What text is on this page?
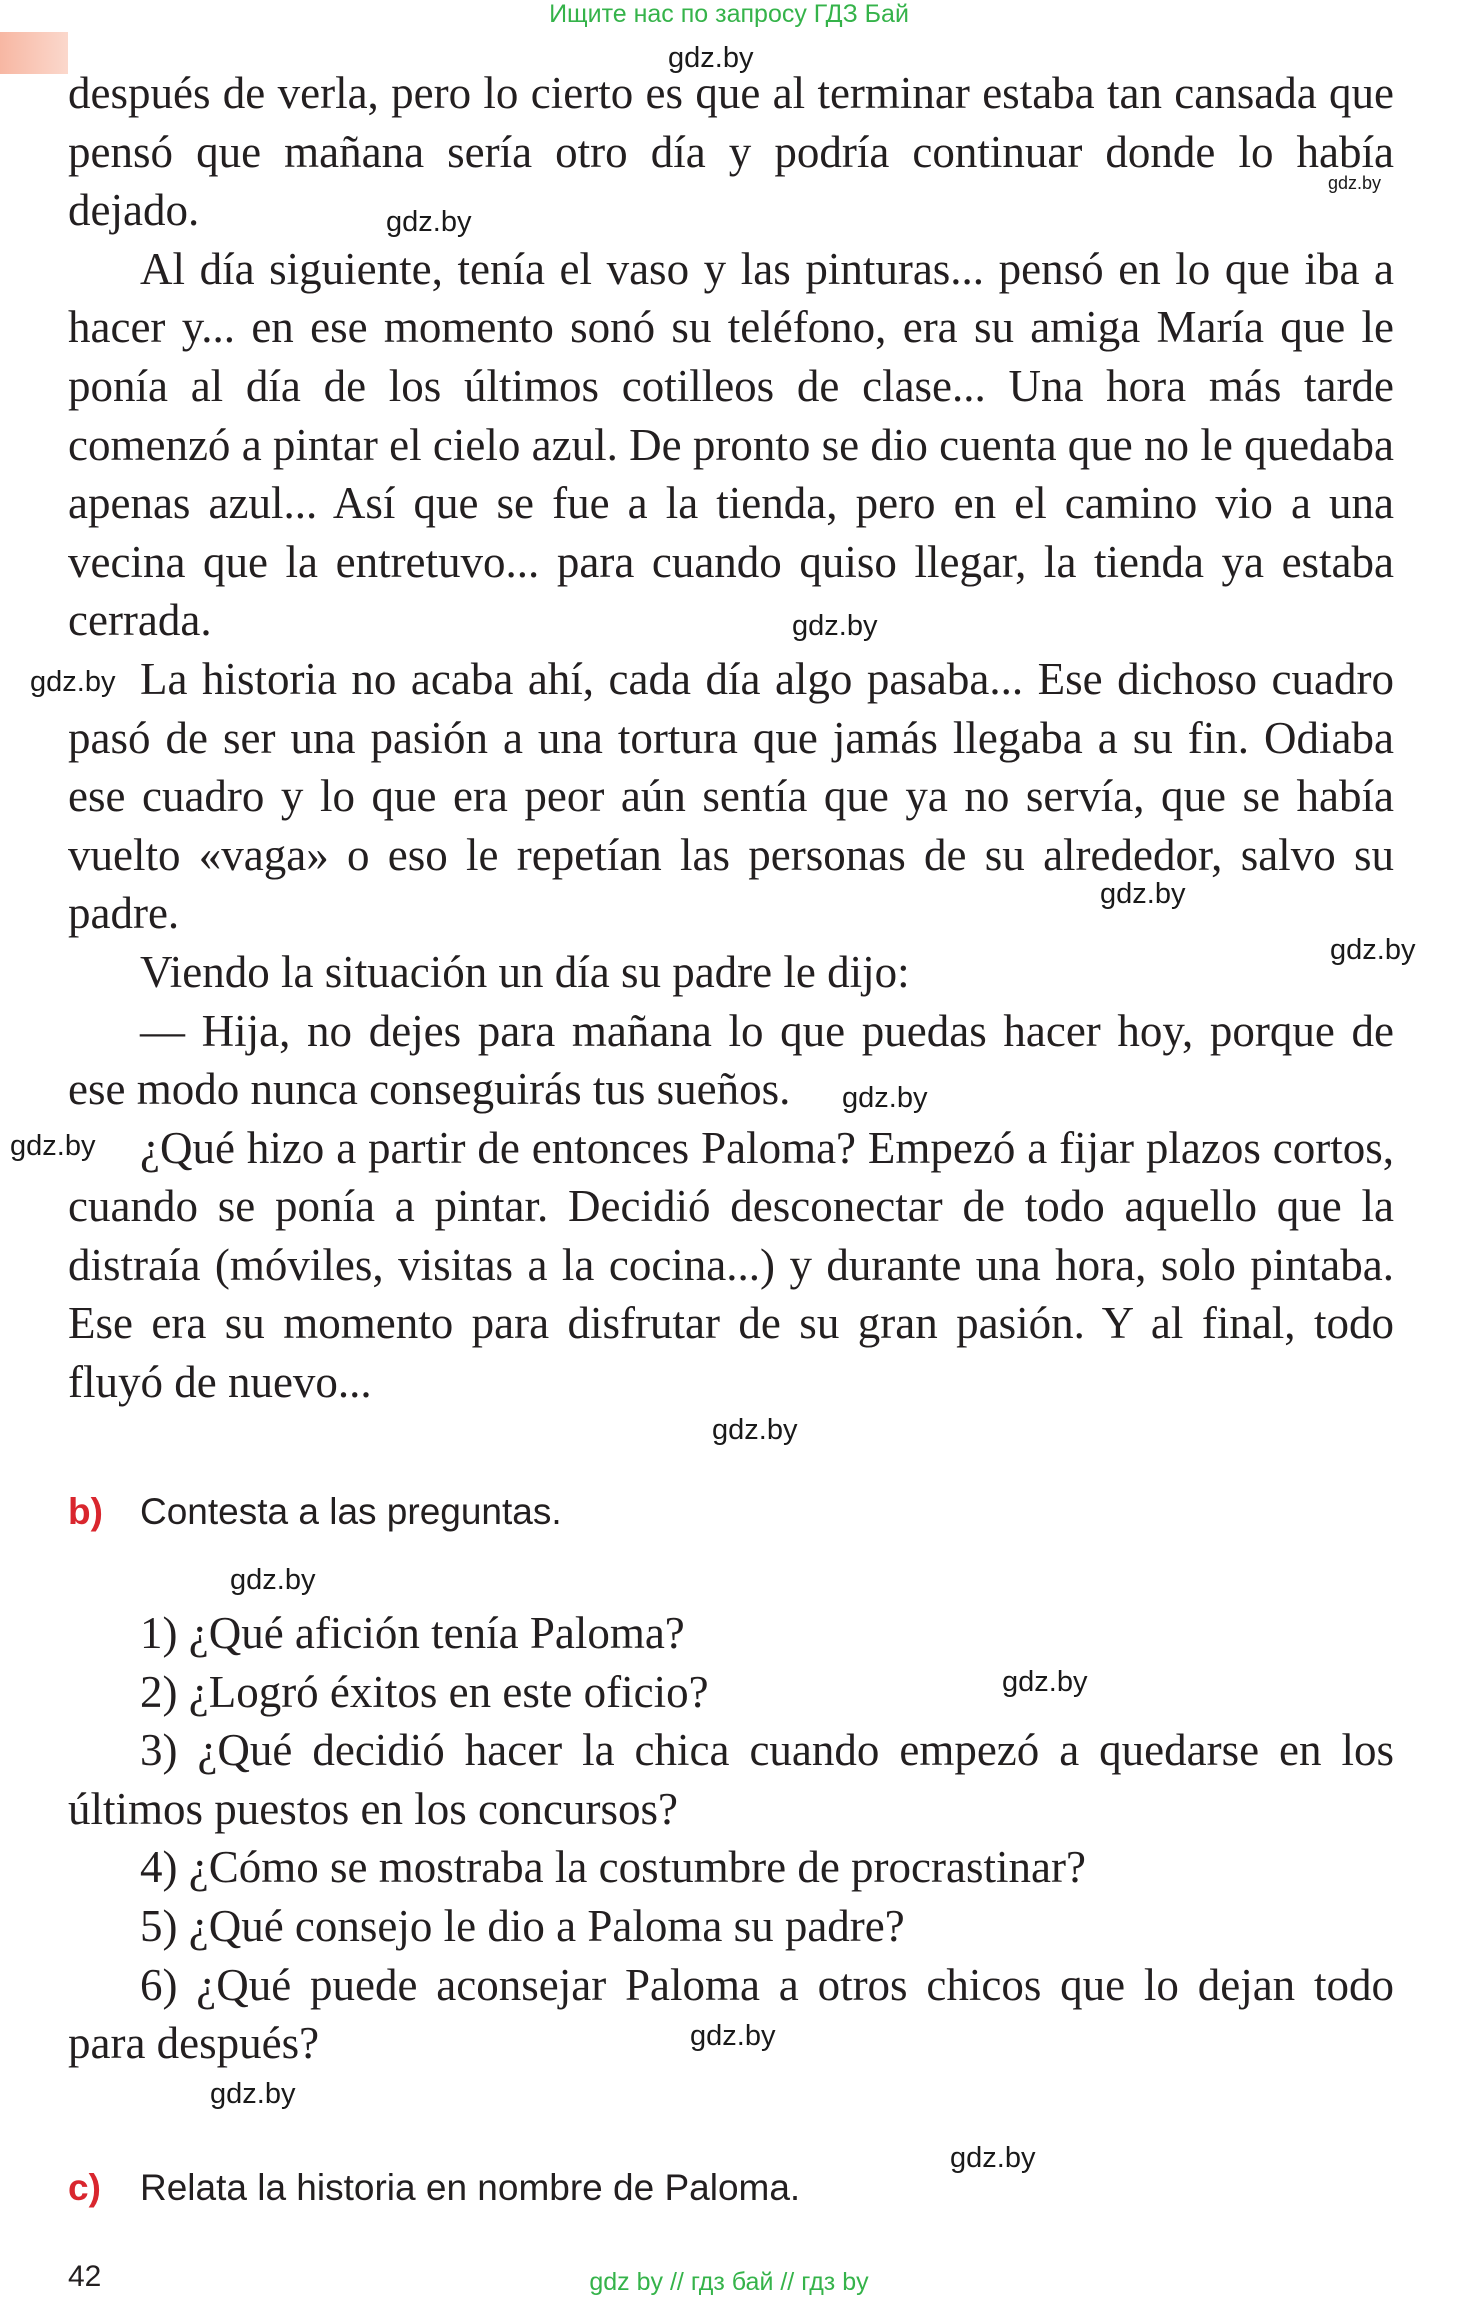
Ищите нас по запросу ГДЗ Бай
gdz.by
gdz.by
gdz.by
gdz.by
gdz.by
gdz.by
gdz.by
gdz.by
gdz.by
gdz.by
gdz.by
gdz.by
gdz.by
gdz.by
gdz.by

después de verla, pero lo cierto es que al terminar estaba tan cansada que pensó que mañana sería otro día y podría continuar donde lo había dejado.

Al día siguiente, tenía el vaso y las pinturas... pensó en lo que iba a hacer y... en ese momento sonó su teléfono, era su amiga María que le ponía al día de los últimos cotilleos de clase... Una hora más tarde comenzó a pintar el cielo azul. De pronto se dio cuenta que no le quedaba apenas azul... Así que se fue a la tienda, pero en el camino vio a una vecina que la entretuvo... para cuando quiso llegar, la tienda ya estaba cerrada.

La historia no acaba ahí, cada día algo pasaba... Ese dichoso cuadro pasó de ser una pasión a una tortura que jamás llegaba a su fin. Odiaba ese cuadro y lo que era peor aún sentía que ya no servía, que se había vuelto «vaga» o eso le repetían las personas de su alrededor, salvo su padre.

Viendo la situación un día su padre le dijo:

— Hija, no dejes para mañana lo que puedas hacer hoy, porque de ese modo nunca conseguirás tus sueños.

¿Qué hizo a partir de entonces Paloma? Empezó a fijar plazos cortos, cuando se ponía a pintar. Decidió desconectar de todo aquello que la distraía (móviles, visitas a la cocina...) y durante una hora, solo pintaba. Ese era su momento para disfrutar de su gran pasión. Y al final, todo fluyó de nuevo...

b) Contesta a las preguntas.

1) ¿Qué afición tenía Paloma?

2) ¿Logró éxitos en este oficio?

3) ¿Qué decidió hacer la chica cuando empezó a quedarse en los últimos puestos en los concursos?

4) ¿Cómo se mostraba la costumbre de procrastinar?

5) ¿Qué consejo le dio a Paloma su padre?

6) ¿Qué puede aconsejar Paloma a otros chicos que lo dejan todo para después?

c) Relata la historia en nombre de Paloma.
42	gdz by // гдз бай // гдз by
